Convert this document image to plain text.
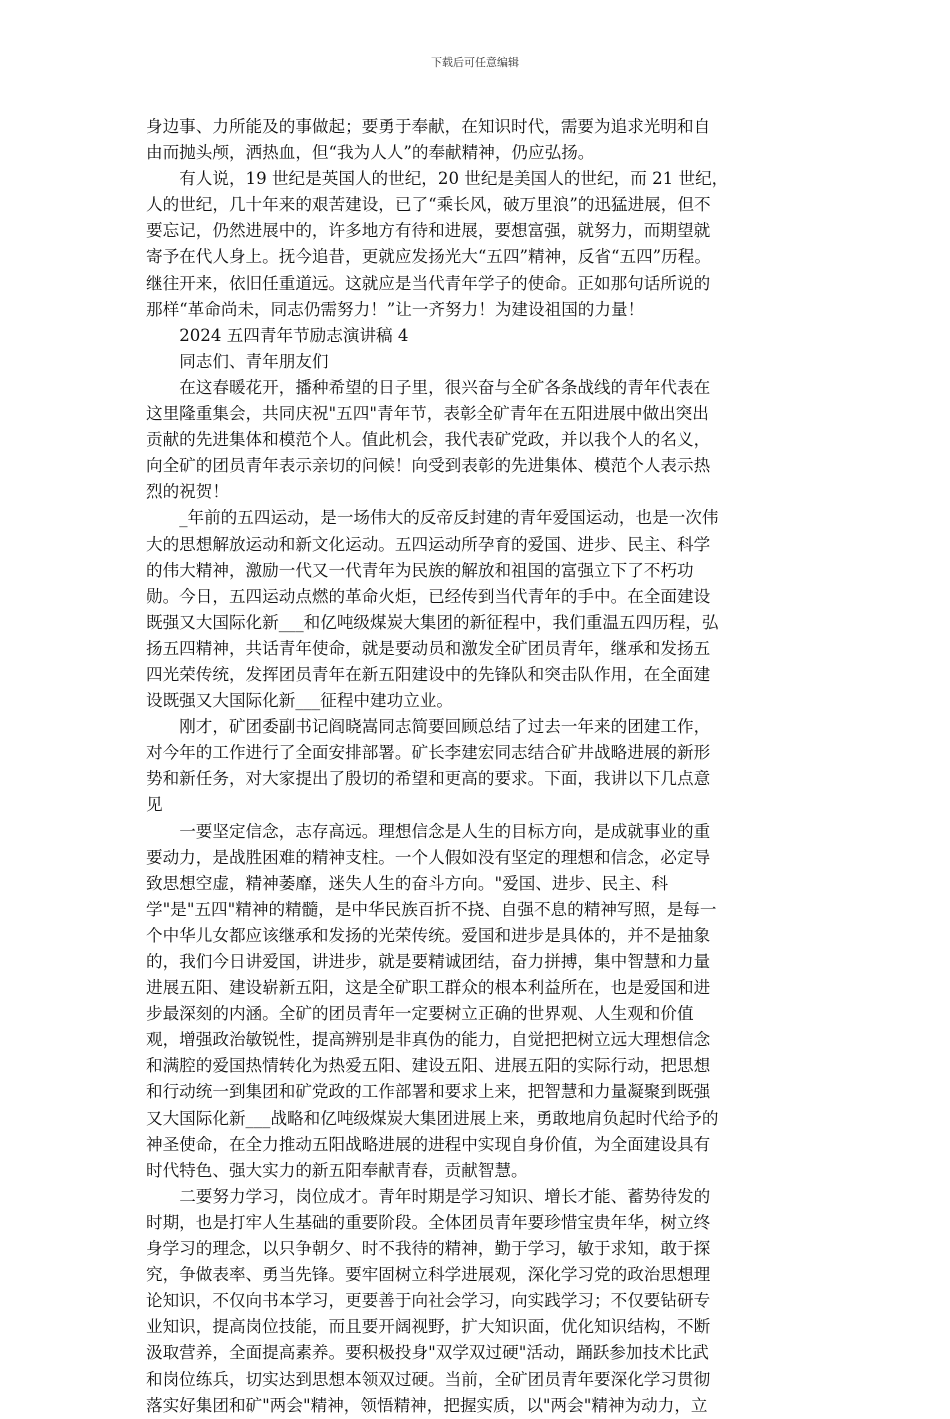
下载后可任意编辑

身边事、力所能及的事做起；要勇于奉献，在知识时代，需要为追求光明和自

由而抛头颅，洒热血，但“我为人人”的奉献精神，仍应弘扬。

有人说，19 世纪是英国人的世纪，20 世纪是美国人的世纪，而 21 世纪，

人的世纪，几十年来的艰苦建设，已了“乘长风，破万里浪”的迅猛进展，但不

要忘记，仍然进展中的，许多地方有待和进展，要想富强，就努力，而期望就

寄予在代人身上。抚今追昔，更就应发扬光大“五四”精神，反省“五四”历程。

继往开来，依旧任重道远。这就应是当代青年学子的使命。正如那句话所说的

那样“革命尚未，同志仍需努力！”让一齐努力！为建设祖国的力量！

2024 五四青年节励志演讲稿 4

同志们、青年朋友们

在这春暖花开，播种希望的日子里，很兴奋与全矿各条战线的青年代表在

这里隆重集会，共同庆祝"五四"青年节，表彰全矿青年在五阳进展中做出突出

贡献的先进集体和模范个人。值此机会，我代表矿党政，并以我个人的名义，

向全矿的团员青年表示亲切的问候！向受到表彰的先进集体、模范个人表示热

烈的祝贺！

_年前的五四运动，是一场伟大的反帝反封建的青年爱国运动，也是一次伟

大的思想解放运动和新文化运动。五四运动所孕育的爱国、进步、民主、科学

的伟大精神，激励一代又一代青年为民族的解放和祖国的富强立下了不朽功

勋。今日，五四运动点燃的革命火炬，已经传到当代青年的手中。在全面建设

既强又大国际化新___和亿吨级煤炭大集团的新征程中，我们重温五四历程，弘

扬五四精神，共话青年使命，就是要动员和激发全矿团员青年，继承和发扬五

四光荣传统，发挥团员青年在新五阳建设中的先锋队和突击队作用，在全面建

设既强又大国际化新___征程中建功立业。

刚才，矿团委副书记阎晓嵩同志简要回顾总结了过去一年来的团建工作，

对今年的工作进行了全面安排部署。矿长李建宏同志结合矿井战略进展的新形

势和新任务，对大家提出了殷切的希望和更高的要求。下面，我讲以下几点意

见

一要坚定信念，志存高远。理想信念是人生的目标方向，是成就事业的重

要动力，是战胜困难的精神支柱。一个人假如没有坚定的理想和信念，必定导

致思想空虚，精神萎靡，迷失人生的奋斗方向。"爱国、进步、民主、科

学"是"五四"精神的精髓，是中华民族百折不挠、自强不息的精神写照，是每一

个中华儿女都应该继承和发扬的光荣传统。爱国和进步是具体的，并不是抽象

的，我们今日讲爱国，讲进步，就是要精诚团结，奋力拼搏，集中智慧和力量

进展五阳、建设崭新五阳，这是全矿职工群众的根本利益所在，也是爱国和进

步最深刻的内涵。全矿的团员青年一定要树立正确的世界观、人生观和价值

观，增强政治敏锐性，提高辨别是非真伪的能力，自觉把把树立远大理想信念

和满腔的爱国热情转化为热爱五阳、建设五阳、进展五阳的实际行动，把思想

和行动统一到集团和矿党政的工作部署和要求上来，把智慧和力量凝聚到既强

又大国际化新___战略和亿吨级煤炭大集团进展上来，勇敢地肩负起时代给予的

神圣使命，在全力推动五阳战略进展的进程中实现自身价值，为全面建设具有

时代特色、强大实力的新五阳奉献青春，贡献智慧。

二要努力学习，岗位成才。青年时期是学习知识、增长才能、蓄势待发的

时期，也是打牢人生基础的重要阶段。全体团员青年要珍惜宝贵年华，树立终

身学习的理念，以只争朝夕、时不我待的精神，勤于学习，敏于求知，敢于探

究，争做表率、勇当先锋。要牢固树立科学进展观，深化学习党的政治思想理

论知识，不仅向书本学习，更要善于向社会学习，向实践学习；不仅要钻研专

业知识，提高岗位技能，而且要开阔视野，扩大知识面，优化知识结构，不断

汲取营养，全面提高素养。要积极投身"双学双过硬"活动，踊跃参加技术比武

和岗位练兵，切实达到思想本领双过硬。当前，全矿团员青年要深化学习贯彻

落实好集团和矿"两会"精神，领悟精神，把握实质，以"两会"精神为动力，立
